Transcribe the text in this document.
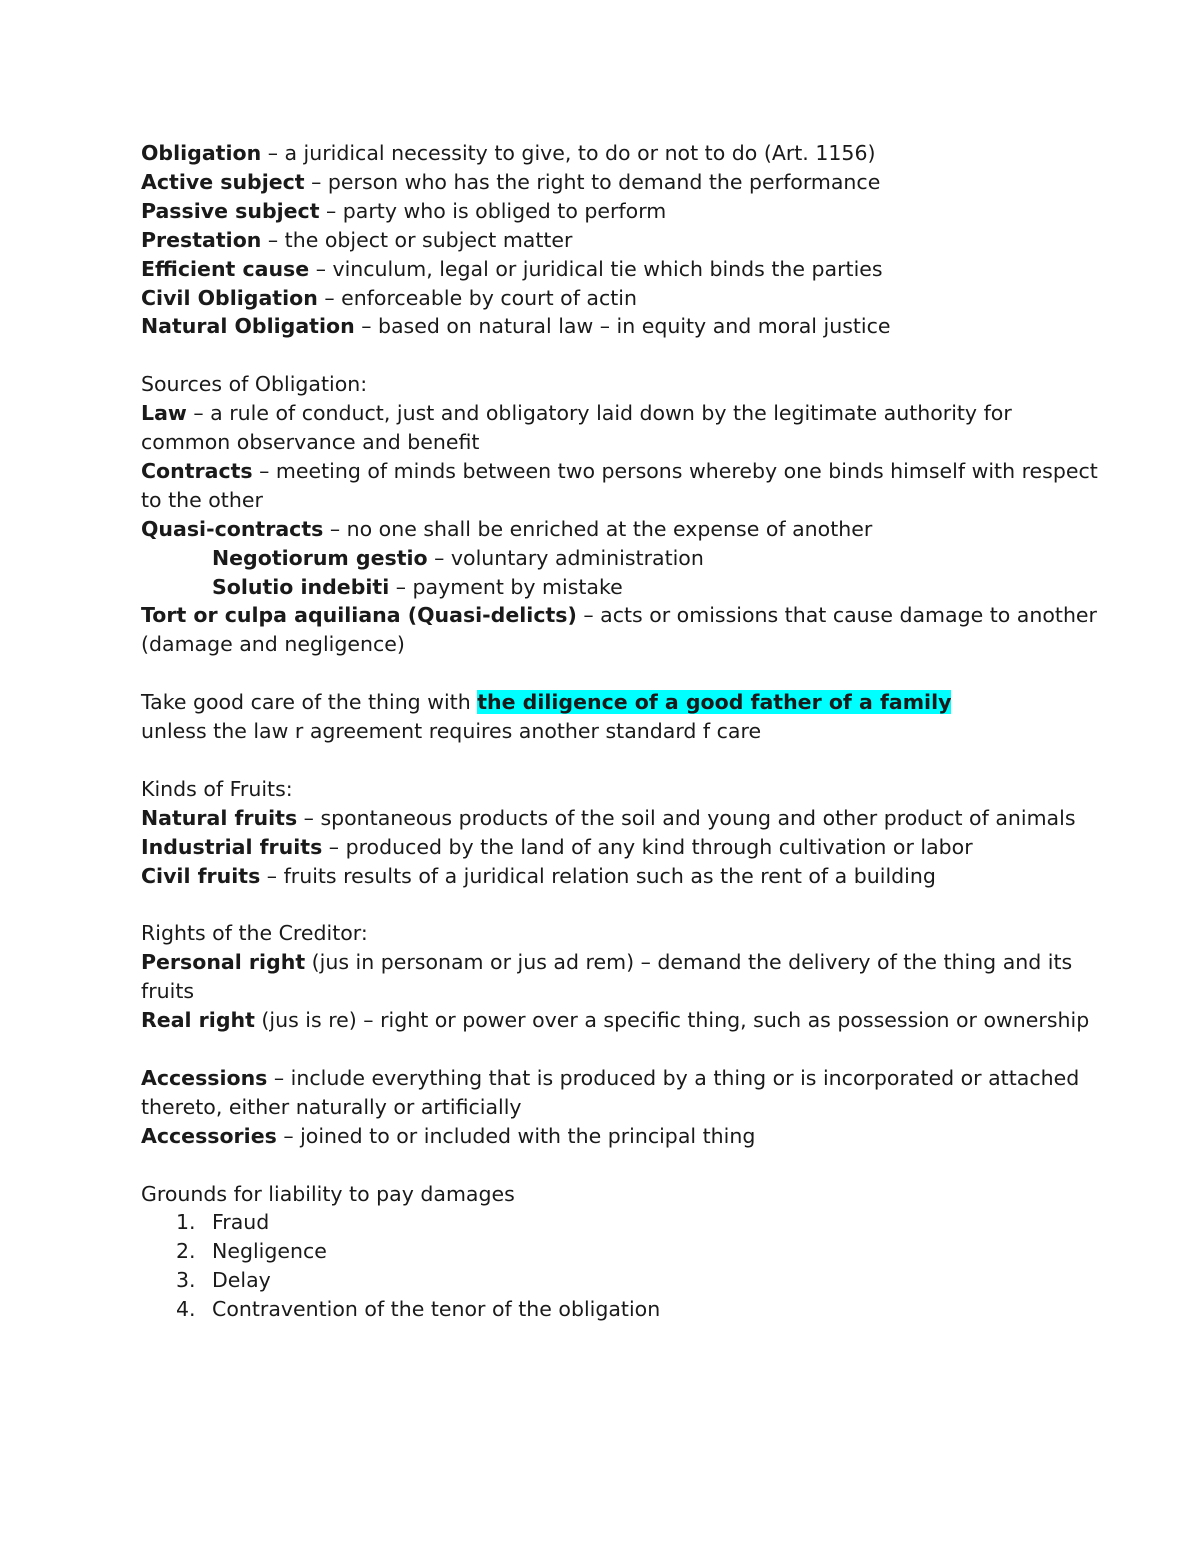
Obligation – a juridical necessity to give, to do or not to do (Art. 1156)
Active subject – person who has the right to demand the performance
Passive subject – party who is obliged to perform
Prestation – the object or subject matter
Efficient cause – vinculum, legal or juridical tie which binds the parties
Civil Obligation – enforceable by court of actin
Natural Obligation – based on natural law – in equity and moral justice
Sources of Obligation:
Law – a rule of conduct, just and obligatory laid down by the legitimate authority for common observance and benefit
Contracts – meeting of minds between two persons whereby one binds himself with respect to the other
Quasi-contracts – no one shall be enriched at the expense of another
Negotiorum gestio – voluntary administration
Solutio indebiti – payment by mistake
Tort or culpa aquiliana (Quasi-delicts) – acts or omissions that cause damage to another (damage and negligence)
Take good care of the thing with the diligence of a good father of a family
unless the law r agreement requires another standard f care
Kinds of Fruits:
Natural fruits – spontaneous products of the soil and young and other product of animals
Industrial fruits – produced by the land of any kind through cultivation or labor
Civil fruits – fruits results of a juridical relation such as the rent of a building
Rights of the Creditor:
Personal right (jus in personam or jus ad rem) – demand the delivery of the thing and its fruits
Real right (jus is re) – right or power over a specific thing, such as possession or ownership
Accessions – include everything that is produced by a thing or is incorporated or attached thereto, either naturally or artificially
Accessories – joined to or included with the principal thing
Grounds for liability to pay damages
1. Fraud
2. Negligence
3. Delay
4. Contravention of the tenor of the obligation
